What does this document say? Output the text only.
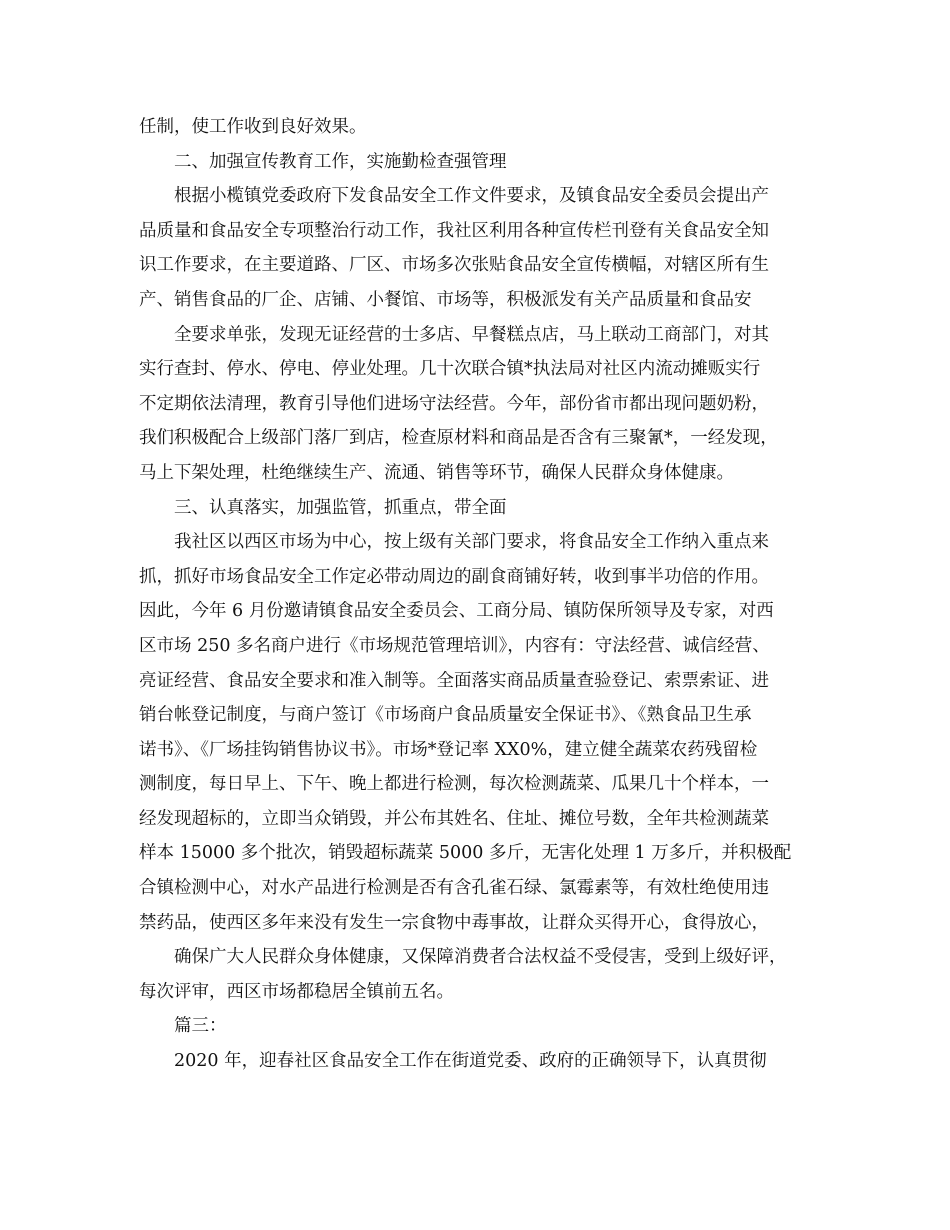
任制，使工作收到良好效果。

二、加强宣传教育工作，实施勤检查强管理

根据小榄镇党委政府下发食品安全工作文件要求，及镇食品安全委员会提出产

品质量和食品安全专项整治行动工作，我社区利用各种宣传栏刊登有关食品安全知

识工作要求，在主要道路、厂区、市场多次张贴食品安全宣传横幅，对辖区所有生

产、销售食品的厂企、店铺、小餐馆、市场等，积极派发有关产品质量和食品安

全要求单张，发现无证经营的士多店、早餐糕点店，马上联动工商部门，对其

实行查封、停水、停电、停业处理。几十次联合镇*执法局对社区内流动摊贩实行

不定期依法清理，教育引导他们进场守法经营。今年，部份省市都出现问题奶粉，

我们积极配合上级部门落厂到店，检查原材料和商品是否含有三聚氰*，一经发现，

马上下架处理，杜绝继续生产、流通、销售等环节，确保人民群众身体健康。

三、认真落实，加强监管，抓重点，带全面

我社区以西区市场为中心，按上级有关部门要求，将食品安全工作纳入重点来

抓，抓好市场食品安全工作定必带动周边的副食商铺好转，收到事半功倍的作用。

因此，今年 6 月份邀请镇食品安全委员会、工商分局、镇防保所领导及专家，对西

区市场 250 多名商户进行《市场规范管理培训》，内容有：守法经营、诚信经营、

亮证经营、食品安全要求和准入制等。全面落实商品质量查验登记、索票索证、进

销台帐登记制度，与商户签订《市场商户食品质量安全保证书》、《熟食品卫生承

诺书》、《厂场挂钩销售协议书》。市场*登记率 XX0%，建立健全蔬菜农药残留检

测制度，每日早上、下午、晚上都进行检测，每次检测蔬菜、瓜果几十个样本，一

经发现超标的，立即当众销毁，并公布其姓名、住址、摊位号数，全年共检测蔬菜

样本 15000 多个批次，销毁超标蔬菜 5000 多斤，无害化处理 1 万多斤，并积极配

合镇检测中心，对水产品进行检测是否有含孔雀石绿、氯霉素等，有效杜绝使用违

禁药品，使西区多年来没有发生一宗食物中毒事故，让群众买得开心，食得放心，

确保广大人民群众身体健康，又保障消费者合法权益不受侵害，受到上级好评，

每次评审，西区市场都稳居全镇前五名。

篇三：

2020 年，迎春社区食品安全工作在街道党委、政府的正确领导下，认真贯彻
